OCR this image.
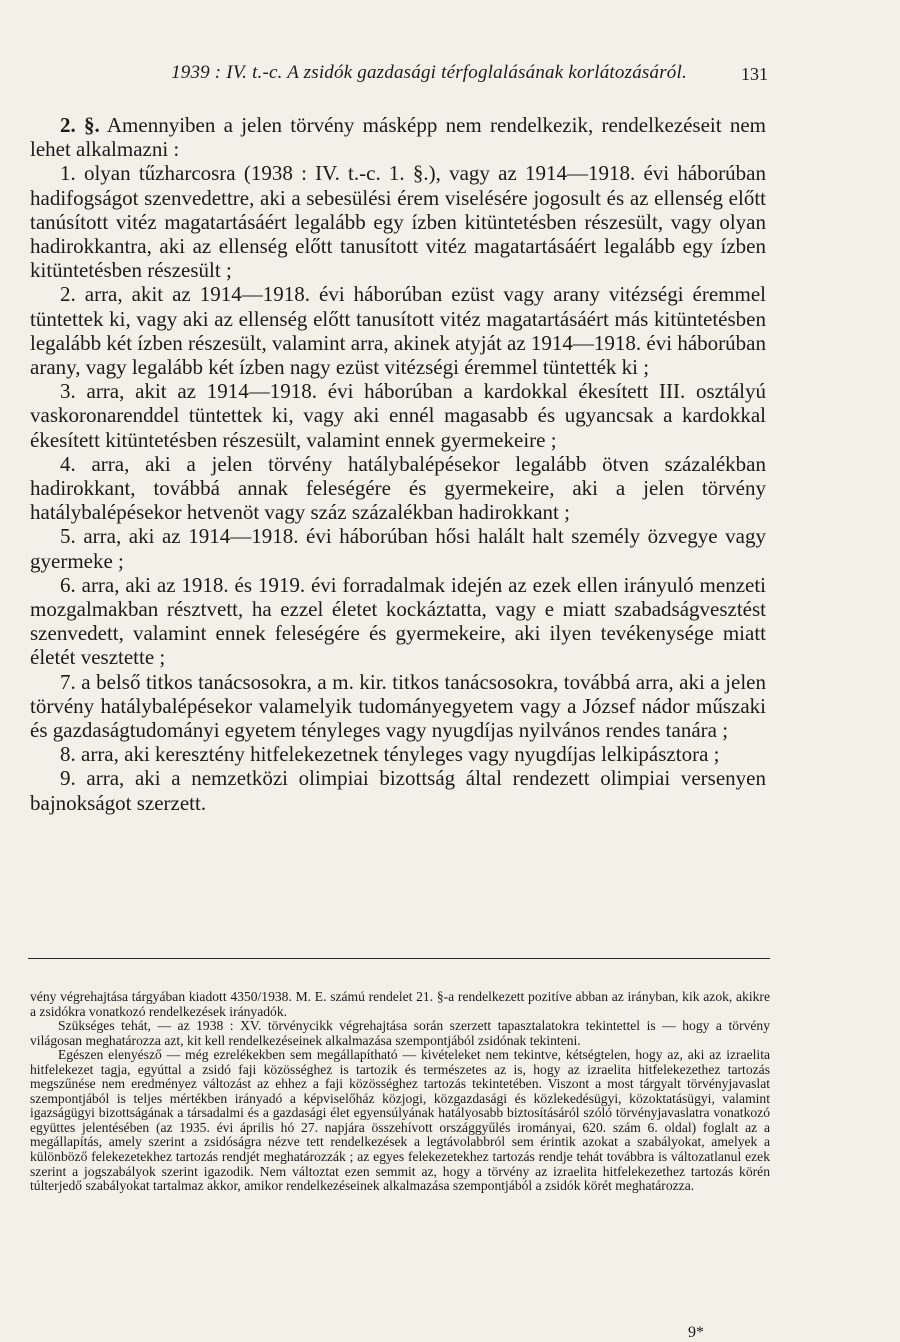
1939 : IV. t.-c. A zsidók gazdasági térfoglalásának korlátozásáról.	131

2. §. Amennyiben a jelen törvény másképp nem rendelkezik, rendelkezéseit nem lehet alkalmazni :

1. olyan tűzharcosra (1938 : IV. t.-c. 1. §.), vagy az 1914—1918. évi háborúban hadifogságot szenvedettre, aki a sebesülési érem viselésére jogosult és az ellenség előtt tanúsított vitéz magatartásáért legalább egy ízben kitüntetésben részesült, vagy olyan hadirokkantra, aki az ellenség előtt tanusított vitéz magatartásáért legalább egy ízben kitüntetésben részesült ;

2. arra, akit az 1914—1918. évi háborúban ezüst vagy arany vitézségi éremmel tüntettek ki, vagy aki az ellenség előtt tanusított vitéz magatartásáért más kitüntetésben legalább két ízben részesült, valamint arra, akinek atyját az 1914—1918. évi háborúban arany, vagy legalább két ízben nagy ezüst vitézségi éremmel tüntették ki ;

3. arra, akit az 1914—1918. évi háborúban a kardokkal ékesített III. osztályú vaskoronarenddel tüntettek ki, vagy aki ennél magasabb és ugyancsak a kardokkal ékesített kitüntetésben részesült, valamint ennek gyermekeire ;

4. arra, aki a jelen törvény hatálybalépésekor legalább ötven százalékban hadirokkant, továbbá annak feleségére és gyermekeire, aki a jelen törvény hatálybalépésekor hetvenöt vagy száz százalékban hadirokkant ;

5. arra, aki az 1914—1918. évi háborúban hősi halált halt személy özvegye vagy gyermeke ;

6. arra, aki az 1918. és 1919. évi forradalmak idején az ezek ellen irányuló menzeti mozgalmakban résztvett, ha ezzel életet kockáztatta, vagy e miatt szabadságvesztést szenvedett, valamint ennek feleségére és gyermekeire, aki ilyen tevékenysége miatt életét vesztette ;

7. a belső titkos tanácsosokra, a m. kir. titkos tanácsosokra, továbbá arra, aki a jelen törvény hatálybalépésekor valamelyik tudományegyetem vagy a József nádor műszaki és gazdaságtudományi egyetem tényleges vagy nyugdíjas nyilvános rendes tanára ;

8. arra, aki keresztény hitfelekezetnek tényleges vagy nyugdíjas lelkipásztora ;

9. arra, aki a nemzetközi olimpiai bizottság által rendezett olimpiai versenyen bajnokságot szerzett.

vény végrehajtása tárgyában kiadott 4350/1938. M. E. számú rendelet 21. §-a rendelkezett pozitíve abban az irányban, kik azok, akikre a zsidókra vonatkozó rendelkezések irányadók.

Szükséges tehát, — az 1938 : XV. törvénycikk végrehajtása során szerzett tapasztalatokra tekintettel is — hogy a törvény világosan meghatározza azt, kit kell rendelkezéseinek alkalmazása szempontjából zsidónak tekinteni.

Egészen elenyésző — még ezrelékekben sem megállapítható — kivételeket nem tekintve, kétségtelen, hogy az, aki az izraelita hitfelekezet tagja, egyúttal a zsidó faji közösséghez is tartozik és természetes az is, hogy az izraelita hitfelekezethez tartozás megszűnése nem eredményez változást az ehhez a faji közösséghez tartozás tekintetében. Viszont a most tárgyalt törvényjavaslat szempontjából is teljes mértékben irányadó a képviselőház közjogi, közgazdasági és közlekedésügyi, közoktatásügyi, valamint igazságügyi bizottságának a társadalmi és a gazdasági élet egyensúlyának hatályosabb biztosításáról szóló törvényjavaslatra vonatkozó együttes jelentésében (az 1935. évi április hó 27. napjára összehívott országgyűlés irományai, 620. szám 6. oldal) foglalt az a megállapítás, amely szerint a zsidóságra nézve tett rendelkezések a legtávolabbról sem érintik azokat a szabályokat, amelyek a különböző felekezetekhez tartozás rendjét meghatározzák ; az egyes felekezetekhez tartozás rendje tehát továbbra is változatlanul ezek szerint a jogszabályok szerint igazodik. Nem változtat ezen semmit az, hogy a törvény az izraelita hitfelekezethez tartozás körén túlterjedő szabályokat tartalmaz akkor, amikor rendelkezéseinek alkalmazása szempontjából a zsidók körét meghatározza.

9*
